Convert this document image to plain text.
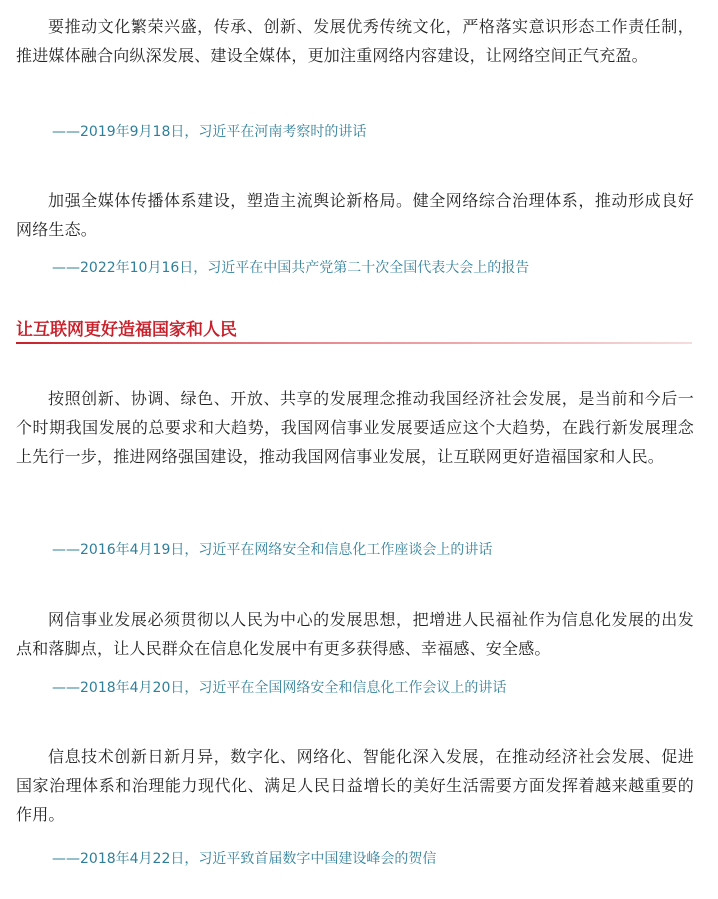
要推动文化繁荣兴盛，传承、创新、发展优秀传统文化，严格落实意识形态工作责任制，推进媒体融合向纵深发展、建设全媒体，更加注重网络内容建设，让网络空间正气充盈。

——2019年9月18日，习近平在河南考察时的讲话

加强全媒体传播体系建设，塑造主流舆论新格局。健全网络综合治理体系，推动形成良好网络生态。

——2022年10月16日，习近平在中国共产党第二十次全国代表大会上的报告

让互联网更好造福国家和人民

按照创新、协调、绿色、开放、共享的发展理念推动我国经济社会发展，是当前和今后一个时期我国发展的总要求和大趋势，我国网信事业发展要适应这个大趋势，在践行新发展理念上先行一步，推进网络强国建设，推动我国网信事业发展，让互联网更好造福国家和人民。

——2016年4月19日，习近平在网络安全和信息化工作座谈会上的讲话

网信事业发展必须贯彻以人民为中心的发展思想，把增进人民福祉作为信息化发展的出发点和落脚点，让人民群众在信息化发展中有更多获得感、幸福感、安全感。

——2018年4月20日，习近平在全国网络安全和信息化工作会议上的讲话

信息技术创新日新月异，数字化、网络化、智能化深入发展，在推动经济社会发展、促进国家治理体系和治理能力现代化、满足人民日益增长的美好生活需要方面发挥着越来越重要的作用。

——2018年4月22日，习近平致首届数字中国建设峰会的贺信
